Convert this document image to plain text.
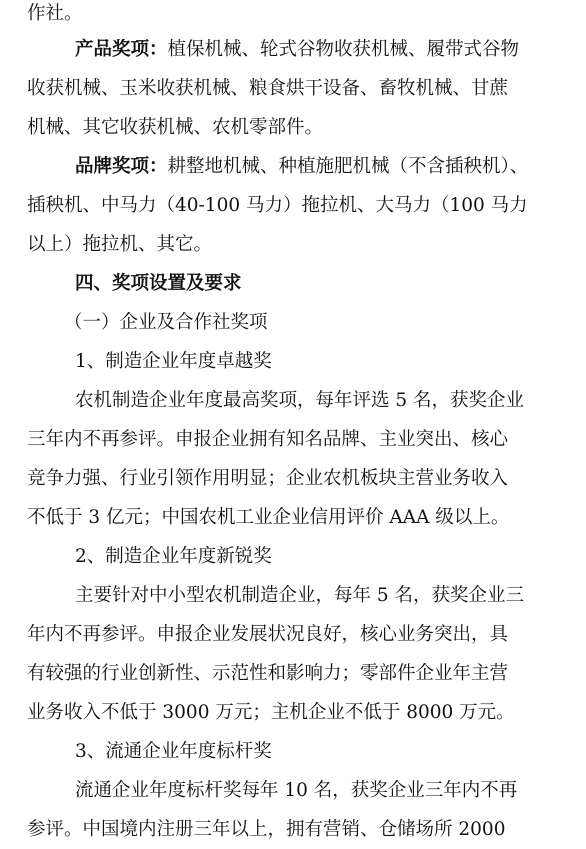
作社。
产品奖项：植保机械、轮式谷物收获机械、履带式谷物
收获机械、玉米收获机械、粮食烘干设备、畜牧机械、甘蔗
机械、其它收获机械、农机零部件。
品牌奖项：耕整地机械、种植施肥机械（不含插秧机）、
插秧机、中马力（40-100 马力）拖拉机、大马力（100 马力
以上）拖拉机、其它。
四、奖项设置及要求
（一）企业及合作社奖项
1、制造企业年度卓越奖
农机制造企业年度最高奖项，每年评选 5 名，获奖企业
三年内不再参评。申报企业拥有知名品牌、主业突出、核心
竞争力强、行业引领作用明显；企业农机板块主营业务收入
不低于 3 亿元；中国农机工业企业信用评价 AAA 级以上。
2、制造企业年度新锐奖
主要针对中小型农机制造企业，每年 5 名，获奖企业三
年内不再参评。申报企业发展状况良好，核心业务突出，具
有较强的行业创新性、示范性和影响力；零部件企业年主营
业务收入不低于 3000 万元；主机企业不低于 8000 万元。
3、流通企业年度标杆奖
流通企业年度标杆奖每年 10 名，获奖企业三年内不再
参评。中国境内注册三年以上，拥有营销、仓储场所 2000
